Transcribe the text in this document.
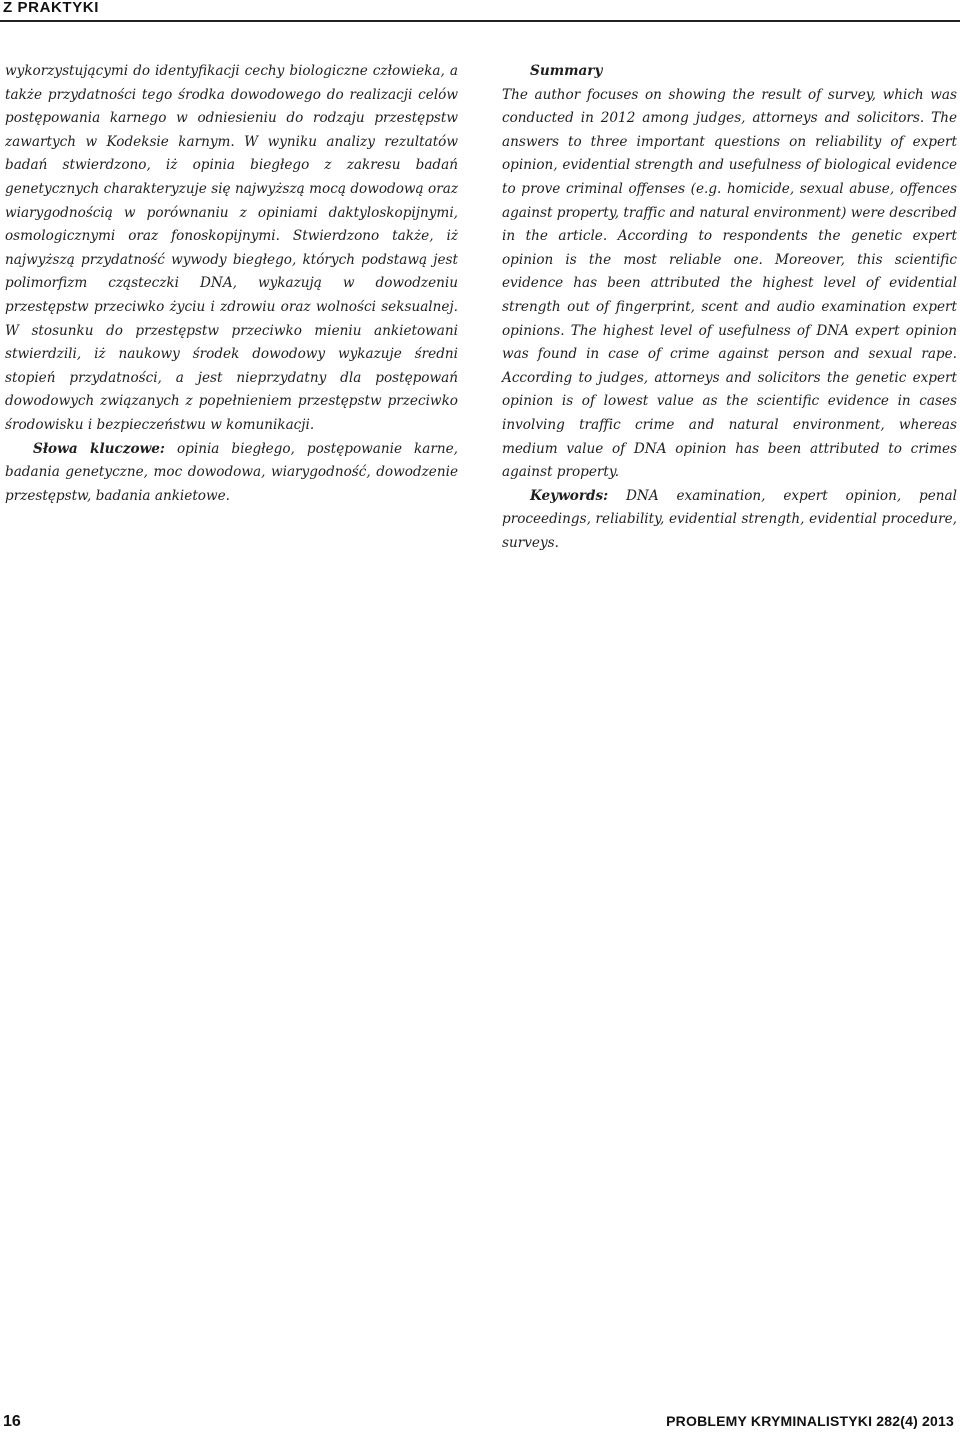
Z PRAKTYKI

wykorzystującymi do identyfikacji cechy biologiczne człowieka, a także przydatności tego środka dowodowego do realizacji celów postępowania karnego w odniesieniu do rodzaju przestępstw zawartych w Kodeksie karnym. W wyniku analizy rezultatów badań stwierdzono, iż opinia biegłego z zakresu badań genetycznych charakteryzuje się najwyższą mocą dowodową oraz wiarygodnością w porównaniu z opiniami daktyloskopijnymi, osmologicznymi oraz fonoskopijnymi. Stwierdzono także, iż najwyższą przydatność wywody biegłego, których podstawą jest polimorfizm cząsteczki DNA, wykazują w dowodzeniu przestępstw przeciwko życiu i zdrowiu oraz wolności seksualnej. W stosunku do przestępstw przeciwko mieniu ankietowani stwierdzili, iż naukowy środek dowodowy wykazuje średni stopień przydatności, a jest nieprzydatny dla postępowań dowodowych związanych z popełnieniem przestępstw przeciwko środowisku i bezpieczeństwu w komunikacji.

Słowa kluczowe: opinia biegłego, postępowanie karne, badania genetyczne, moc dowodowa, wiarygodność, dowodzenie przestępstw, badania ankietowe.

Summary

The author focuses on showing the result of survey, which was conducted in 2012 among judges, attorneys and solicitors. The answers to three important questions on reliability of expert opinion, evidential strength and usefulness of biological evidence to prove criminal offenses (e.g. homicide, sexual abuse, offences against property, traffic and natural environment) were described in the article. According to respondents the genetic expert opinion is the most reliable one. Moreover, this scientific evidence has been attributed the highest level of evidential strength out of fingerprint, scent and audio examination expert opinions. The highest level of usefulness of DNA expert opinion was found in case of crime against person and sexual rape. According to judges, attorneys and solicitors the genetic expert opinion is of lowest value as the scientific evidence in cases involving traffic crime and natural environment, whereas medium value of DNA opinion has been attributed to crimes against property.

Keywords: DNA examination, expert opinion, penal proceedings, reliability, evidential strength, evidential procedure, surveys.

16	PROBLEMY KRYMINALISTYKI 282(4) 2013
